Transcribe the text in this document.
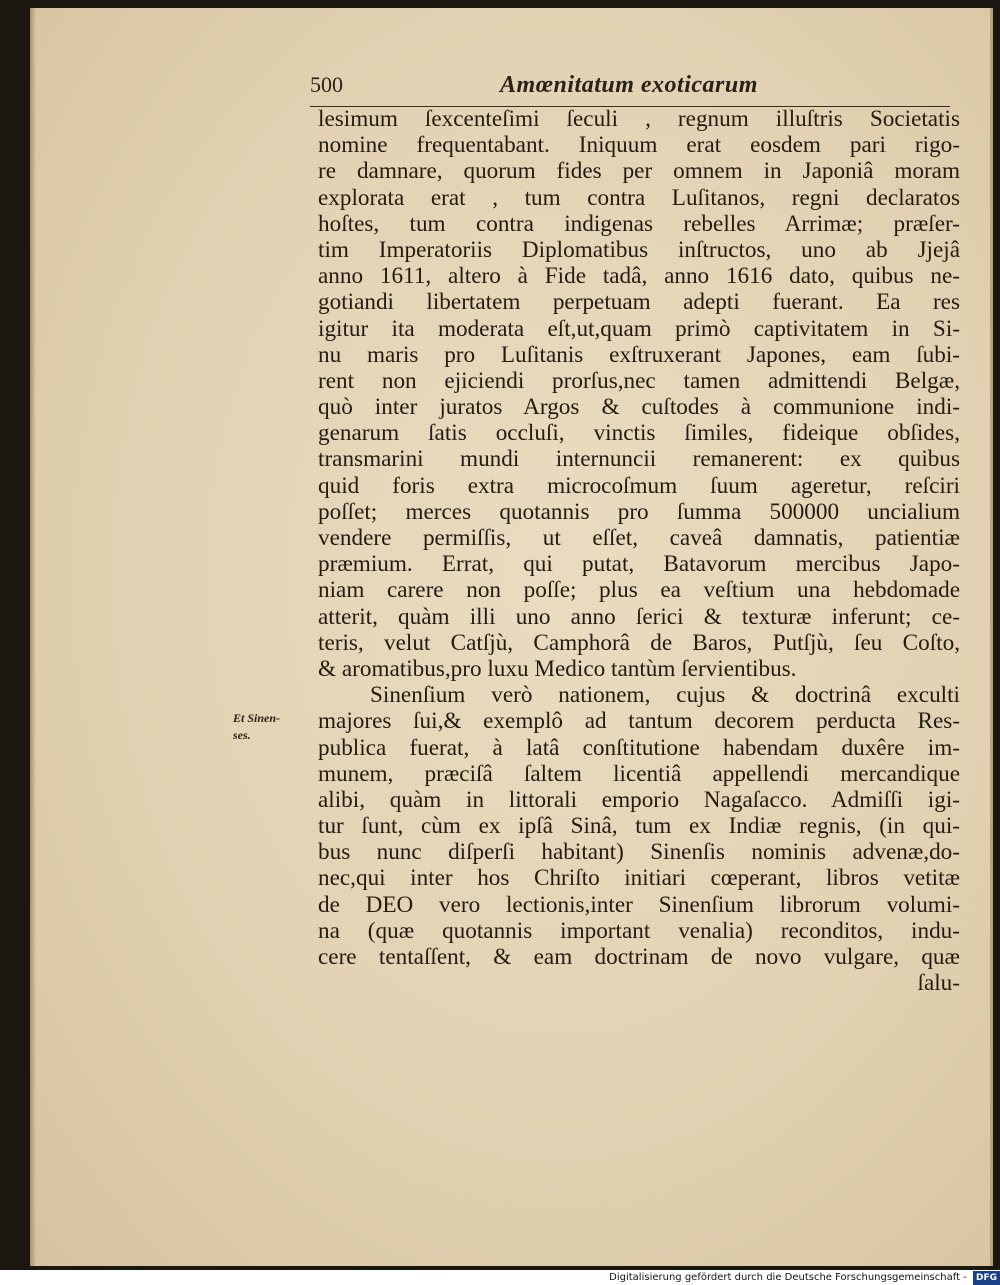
500	Amœnitatum exoticarum
Et Sinen-
ses.
lesimum ſexcenteſimi ſeculi , regnum illuſtris Societatis
nomine frequentabant. Iniquum erat eosdem pari rigo-
re damnare, quorum fides per omnem in Japoniâ moram
explorata erat , tum contra Luſitanos, regni declaratos
hoſtes, tum contra indigenas rebelles Arrimæ; præſer-
tim Imperatoriis Diplomatibus inſtructos, uno ab Jjejâ
anno 1611, altero à Fide tadâ, anno 1616 dato, quibus ne-
gotiandi libertatem perpetuam adepti fuerant. Ea res
igitur ita moderata eſt,ut,quam primò captivitatem in Si-
nu maris pro Luſitanis exſtruxerant Japones, eam ſubi-
rent non ejiciendi prorſus,nec tamen admittendi Belgæ,
quò inter juratos Argos & cuſtodes à communione indi-
genarum ſatis occluſi, vinctis ſimiles, fideique obſides,
transmarini mundi internuncii remanerent: ex quibus
quid foris extra microcoſmum ſuum ageretur, reſciri
poſſet; merces quotannis pro ſumma 500000 uncialium
vendere permiſſis, ut eſſet, caveâ damnatis, patientiæ
præmium. Errat, qui putat, Batavorum mercibus Japo-
niam carere non poſſe; plus ea veſtium una hebdomade
atterit, quàm illi uno anno ſerici & texturæ inferunt; ce-
teris, velut Catſjù, Camphorâ de Baros, Putſjù, ſeu Coſto,
& aromatibus,pro luxu Medico tantùm ſervientibus.
Sinenſium verò nationem, cujus & doctrinâ exculti
majores ſui,& exemplô ad tantum decorem perducta Res-
publica fuerat, à latâ conſtitutione habendam duxêre im-
munem, præciſâ ſaltem licentiâ appellendi mercandique
alibi, quàm in littorali emporio Nagaſacco. Admiſſi igi-
tur ſunt, cùm ex ipſâ Sinâ, tum ex Indiæ regnis, (in qui-
bus nunc diſperſi habitant) Sinenſis nominis advenæ,do-
nec,qui inter hos Chriſto initiari cœperant, libros vetitæ
de DEO vero lectionis,inter Sinenſium librorum volumi-
na (quæ quotannis important venalia) reconditos, indu-
cere tentaſſent, & eam doctrinam de novo vulgare, quæ
ſalu-
Digitalisierung gefördert durch die Deutsche Forschungsgemeinschaft - DFG
